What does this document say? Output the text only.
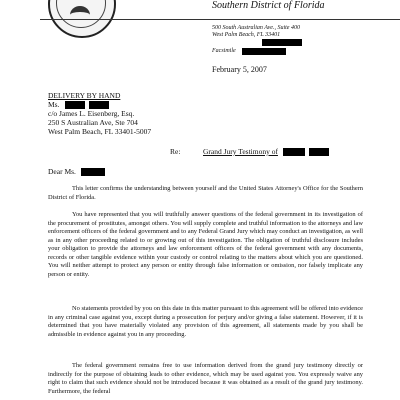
Southern District of Florida
500 South Australian Ave., Suite 400
West Palm Beach, FL 33401
Facsimile
February 5, 2007
DELIVERY BY HAND
Ms.
c/o James L. Eisenberg, Esq.
250 S Australian Ave, Ste 704
West Palm Beach, FL 33401-5007
Re:	Grand Jury Testimony of
Dear Ms.

This letter confirms the understanding between yourself and the United States Attorney's Office for the Southern District of Florida.

You have represented that you will truthfully answer questions of the federal government in its investigation of the procurement of prostitutes, amongst others. You will supply complete and truthful information to the attorneys and law enforcement officers of the federal government and to any Federal Grand Jury which may conduct an investigation, as well as in any other proceeding related to or growing out of this investigation. The obligation of truthful disclosure includes your obligation to provide the attorneys and law enforcement officers of the federal government with any documents, records or other tangible evidence within your custody or control relating to the matters about which you are questioned. You will neither attempt to protect any person or entity through false information or omission, nor falsely implicate any person or entity.

No statements provided by you on this date in this matter pursuant to this agreement will be offered into evidence in any criminal case against you, except during a prosecution for perjury and/or giving a false statement. However, if it is determined that you have materially violated any provision of this agreement, all statements made by you shall be admissible in evidence against you in any proceeding.

The federal government remains free to use information derived from the grand jury testimony directly or indirectly for the purpose of obtaining leads to other evidence, which may be used against you. You expressly waive any right to claim that such evidence should not be introduced because it was obtained as a result of the grand jury testimony. Furthermore, the federal
